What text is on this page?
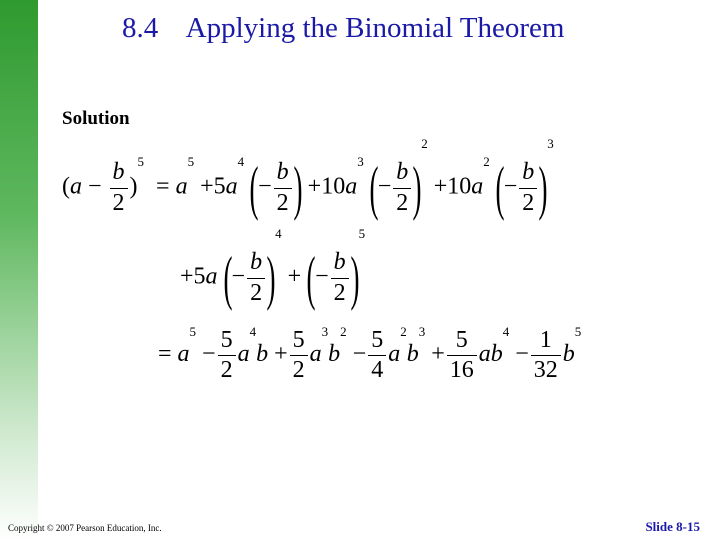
8.4 Applying the Binomial Theorem
Solution
$(a - \frac{b}{2} )^5 = a^5 +5a^4$ (− $\frac{b}{2}$ ) $+10a^3$ (− $\frac{b}{2} )^2 +10a^2$ (− $\frac{b}{2} )^3$
+5a (− $\frac{b}{2} )^4$ + (− $\frac{b}{2} )^5$
= $a^5 - \frac{5}{2} a^4b + \frac{5}{2} a^3b^2 - \frac{5}{4} a^2b^3 + \frac{5}{16} ab^4 - \frac{1}{32} b^5$
Copyright © 2007 Pearson Education, Inc.	Slide 8-15
